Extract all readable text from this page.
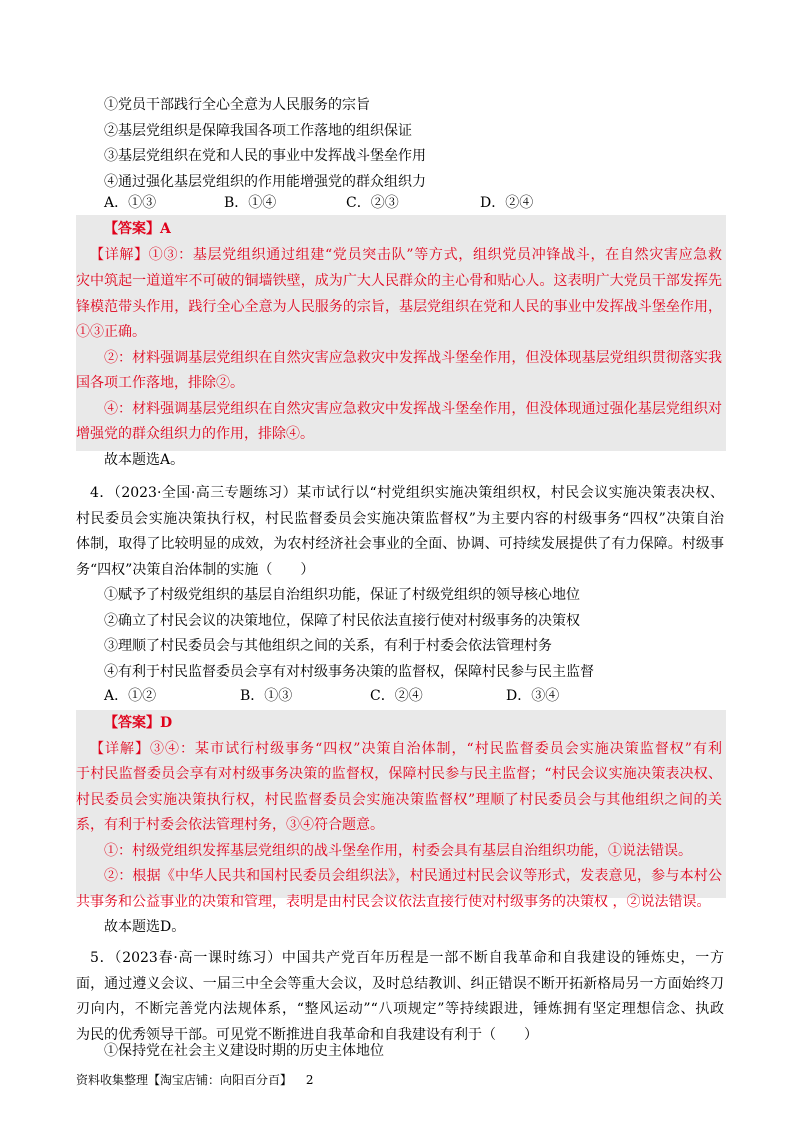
①党员干部践行全心全意为人民服务的宗旨
②基层党组织是保障我国各项工作落地的组织保证
③基层党组织在党和人民的事业中发挥战斗堡垒作用
④通过强化基层党组织的作用能增强党的群众组织力
A．①③	B．①④	C．②③	D．②④
【答案】A
【详解】①③：基层党组织通过组建“党员突击队”等方式，组织党员冲锋战斗，在自然灾害应急救
灾中筑起一道道牢不可破的铜墙铁壁，成为广大人民群众的主心骨和贴心人。这表明广大党员干部发挥先
锋模范带头作用，践行全心全意为人民服务的宗旨，基层党组织在党和人民的事业中发挥战斗堡垒作用，
①③正确。
②：材料强调基层党组织在自然灾害应急救灾中发挥战斗堡垒作用，但没体现基层党组织贯彻落实我
国各项工作落地，排除②。
④：材料强调基层党组织在自然灾害应急救灾中发挥战斗堡垒作用，但没体现通过强化基层党组织对
增强党的群众组织力的作用，排除④。
故本题选A。
4．（2023·全国·高三专题练习）某市试行以“村党组织实施决策组织权，村民会议实施决策表决权、
村民委员会实施决策执行权，村民监督委员会实施决策监督权”为主要内容的村级事务“四权”决策自治
体制，取得了比较明显的成效，为农村经济社会事业的全面、协调、可持续发展提供了有力保障。村级事
务“四权”决策自治体制的实施（　　）
①赋予了村级党组织的基层自治组织功能，保证了村级党组织的领导核心地位
②确立了村民会议的决策地位，保障了村民依法直接行使对村级事务的决策权
③理顺了村民委员会与其他组织之间的关系，有利于村委会依法管理村务
④有利于村民监督委员会享有对村级事务决策的监督权，保障村民参与民主监督
A．①②	B．①③	C．②④	D．③④
【答案】D
【详解】③④：某市试行村级事务“四权”决策自治体制，“村民监督委员会实施决策监督权”有利
于村民监督委员会享有对村级事务决策的监督权，保障村民参与民主监督；“村民会议实施决策表决权、
村民委员会实施决策执行权，村民监督委员会实施决策监督权”理顺了村民委员会与其他组织之间的关
系，有利于村委会依法管理村务，③④符合题意。
①：村级党组织发挥基层党组织的战斗堡垒作用，村委会具有基层自治组织功能，①说法错误。
②：根据《中华人民共和国村民委员会组织法》，村民通过村民会议等形式，发表意见，参与本村公
共事务和公益事业的决策和管理，表明是由村民会议依法直接行使对村级事务的决策权 ，②说法错误。
故本题选D。
5．（2023春·高一课时练习）中国共产党百年历程是一部不断自我革命和自我建设的锤炼史，一方
面，通过遵义会议、一届三中全会等重大会议，及时总结教训、纠正错误不断开拓新格局另一方面始终刀
刃向内，不断完善党内法规体系，“整风运动”“八项规定”等持续跟进，锤炼拥有坚定理想信念、执政
为民的优秀领导干部。可见党不断推进自我革命和自我建设有利于（　　）
①保持党在社会主义建设时期的历史主体地位
资料收集整理【淘宝店铺：向阳百分百】 2
